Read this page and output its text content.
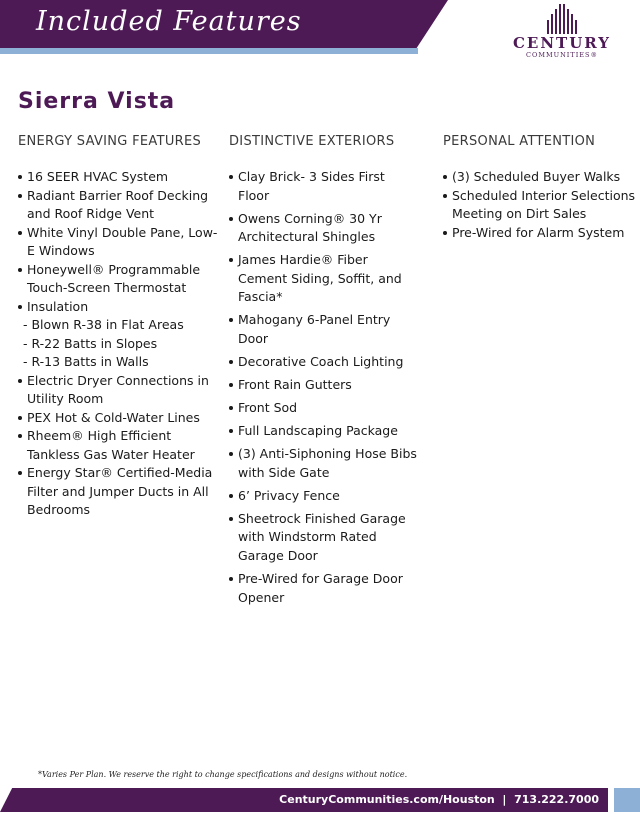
Included Features
CENTURY
COMMUNITIES®
Sierra Vista
ENERGY SAVING FEATURES
16 SEER HVAC System
Radiant Barrier Roof Decking and Roof Ridge Vent
White Vinyl Double Pane, Low-E Windows
Honeywell® Programmable Touch-Screen Thermostat
Insulation
- Blown R-38 in Flat Areas
- R-22 Batts in Slopes
- R-13 Batts in Walls
Electric Dryer Connections in Utility Room
PEX Hot & Cold-Water Lines
Rheem® High Efficient Tankless Gas Water Heater
Energy Star® Certified-Media Filter and Jumper Ducts in All Bedrooms
DISTINCTIVE EXTERIORS
Clay Brick- 3 Sides First Floor
Owens Corning® 30 Yr Architectural Shingles
James Hardie® Fiber Cement Siding, Soffit, and Fascia*
Mahogany 6-Panel Entry Door
Decorative Coach Lighting
Front Rain Gutters
Front Sod
Full Landscaping Package
(3) Anti-Siphoning Hose Bibs with Side Gate
6’ Privacy Fence
Sheetrock Finished Garage with Windstorm Rated Garage Door
Pre-Wired for Garage Door Opener
PERSONAL ATTENTION
(3) Scheduled Buyer Walks
Scheduled Interior Selections Meeting on Dirt Sales
Pre-Wired for Alarm System
*Varies Per Plan. We reserve the right to change specifications and designs without notice.
CenturyCommunities.com/Houston  |  713.222.7000
